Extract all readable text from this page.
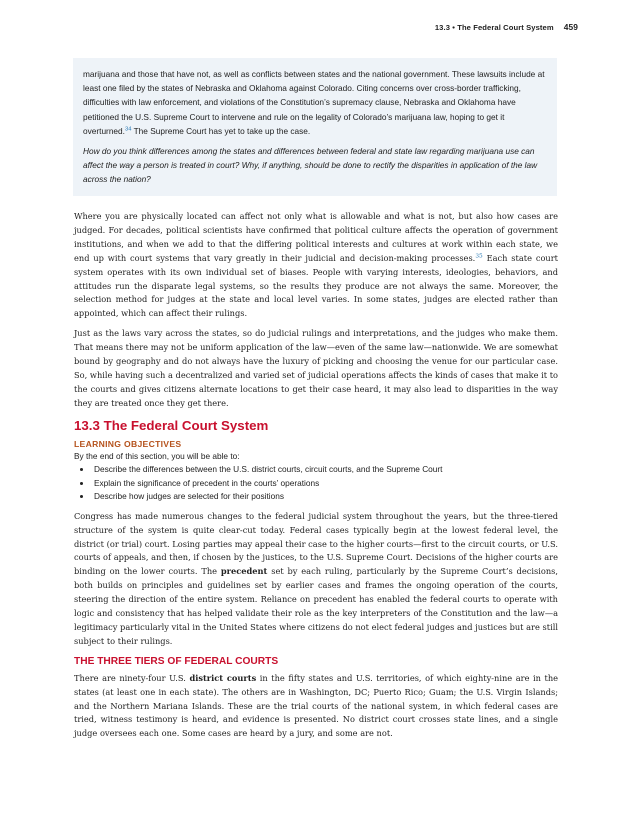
13.3 • The Federal Court System 459

marijuana and those that have not, as well as conflicts between states and the national government. These lawsuits include at least one filed by the states of Nebraska and Oklahoma against Colorado. Citing concerns over cross-border trafficking, difficulties with law enforcement, and violations of the Constitution’s supremacy clause, Nebraska and Oklahoma have petitioned the U.S. Supreme Court to intervene and rule on the legality of Colorado’s marijuana law, hoping to get it overturned.$^{34}$ The Supreme Court has yet to take up the case.

How do you think differences among the states and differences between federal and state law regarding marijuana use can affect the way a person is treated in court? Why, if anything, should be done to rectify the disparities in application of the law across the nation?

Where you are physically located can affect not only what is allowable and what is not, but also how cases are judged. For decades, political scientists have confirmed that political culture affects the operation of government institutions, and when we add to that the differing political interests and cultures at work within each state, we end up with court systems that vary greatly in their judicial and decision-making processes.$^{35}$ Each state court system operates with its own individual set of biases. People with varying interests, ideologies, behaviors, and attitudes run the disparate legal systems, so the results they produce are not always the same. Moreover, the selection method for judges at the state and local level varies. In some states, judges are elected rather than appointed, which can affect their rulings.

Just as the laws vary across the states, so do judicial rulings and interpretations, and the judges who make them. That means there may not be uniform application of the law—even of the same law—nationwide. We are somewhat bound by geography and do not always have the luxury of picking and choosing the venue for our particular case. So, while having such a decentralized and varied set of judicial operations affects the kinds of cases that make it to the courts and gives citizens alternate locations to get their case heard, it may also lead to disparities in the way they are treated once they get there.

13.3 The Federal Court System
LEARNING OBJECTIVES

By the end of this section, you will be able to:

• Describe the differences between the U.S. district courts, circuit courts, and the Supreme Court
• Explain the significance of precedent in the courts’ operations
• Describe how judges are selected for their positions

Congress has made numerous changes to the federal judicial system throughout the years, but the three-tiered structure of the system is quite clear-cut today. Federal cases typically begin at the lowest federal level, the district (or trial) court. Losing parties may appeal their case to the higher courts—first to the circuit courts, or U.S. courts of appeals, and then, if chosen by the justices, to the U.S. Supreme Court. Decisions of the higher courts are binding on the lower courts. The precedent set by each ruling, particularly by the Supreme Court’s decisions, both builds on principles and guidelines set by earlier cases and frames the ongoing operation of the courts, steering the direction of the entire system. Reliance on precedent has enabled the federal courts to operate with logic and consistency that has helped validate their role as the key interpreters of the Constitution and the law—a legitimacy particularly vital in the United States where citizens do not elect federal judges and justices but are still subject to their rulings.

THE THREE TIERS OF FEDERAL COURTS

There are ninety-four U.S. district courts in the fifty states and U.S. territories, of which eighty-nine are in the states (at least one in each state). The others are in Washington, DC; Puerto Rico; Guam; the U.S. Virgin Islands; and the Northern Mariana Islands. These are the trial courts of the national system, in which federal cases are tried, witness testimony is heard, and evidence is presented. No district court crosses state lines, and a single judge oversees each one. Some cases are heard by a jury, and some are not.
